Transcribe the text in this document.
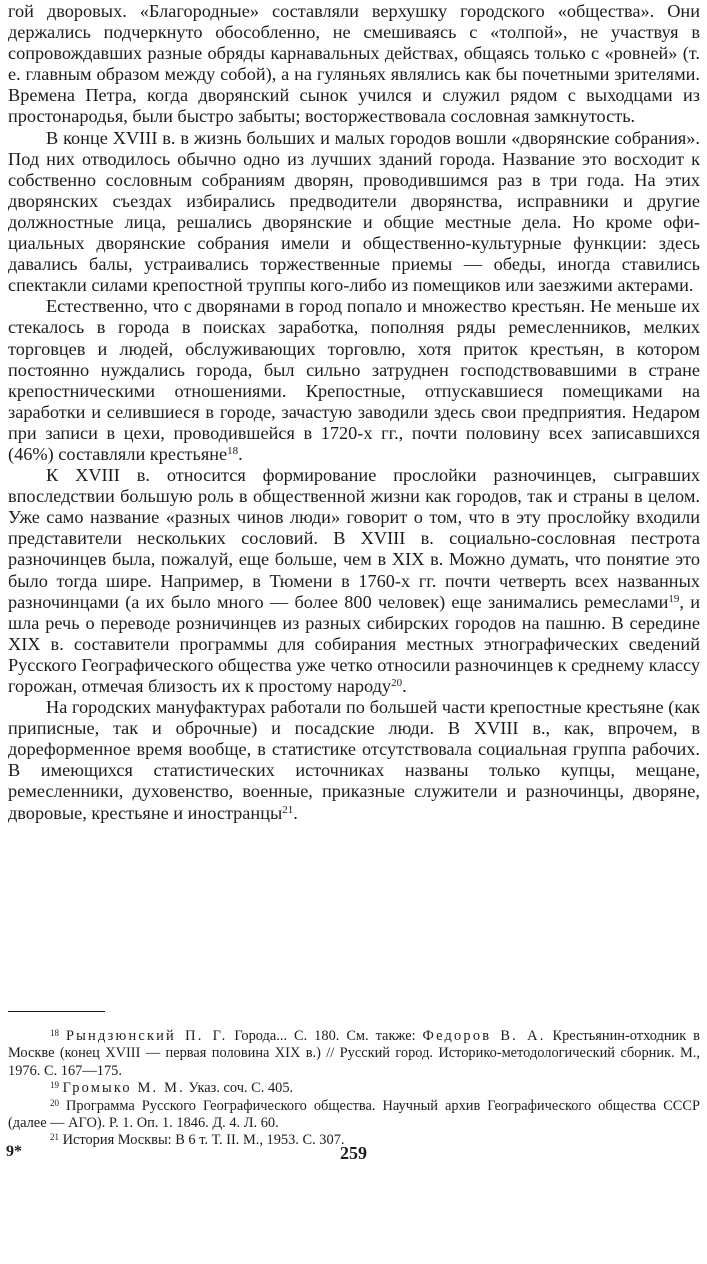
гой дворовых. «Благородные» составляли верхушку городского «общества». Они держались подчеркнуто обособленно, не смешиваясь с «толпой», не участвуя в сопровождавших разные обряды карнавальных действах, общаясь только с «ровней» (т. е. главным образом между собой), а на гуляньях являлись как бы почетными зрителями. Времена Петра, когда дворянский сынок учился и служил рядом с выходцами из простонародья, были быстро забыты; восторжествовала сословная замкнутость.

В конце XVIII в. в жизнь больших и малых городов вошли «дворянские собрания». Под них отводилось обычно одно из лучших зданий города. Название это восходит к собственно сословным собраниям дворян, проводившимся раз в три года. На этих дворянских съездах избирались предводители дворянства, исправники и другие должностные лица, решались дворянские и общие местные дела. Но кроме официальных дворянские собрания имели и общественно-культурные функции: здесь давались балы, устраивались торжественные приемы — обеды, иногда ставились спектакли силами крепостной труппы кого-либо из помещиков или заезжими актерами.

Естественно, что с дворянами в город попало и множество крестьян. Не меньше их стекалось в города в поисках заработка, пополняя ряды ремесленников, мелких торговцев и людей, обслуживающих торговлю, хотя приток крестьян, в котором постоянно нуждались города, был сильно затруднен господствовавшими в стране крепостническими отношениями. Крепостные, отпускавшиеся помещиками на заработки и селившиеся в городе, зачастую заводили здесь свои предприятия. Недаром при записи в цехи, проводившейся в 1720-х гг., почти половину всех записавшихся (46%) составляли крестьяне$^{18}$.

К XVIII в. относится формирование прослойки разночинцев, сыгравших впоследствии большую роль в общественной жизни как городов, так и страны в целом. Уже само название «разных чинов люди» говорит о том, что в эту прослойку входили представители нескольких сословий. В XVIII в. социально-сословная пестрота разночинцев была, пожалуй, еще больше, чем в XIX в. Можно думать, что понятие это было тогда шире. Например, в Тюмени в 1760-х гг. почти четверть всех названных разночинцами (а их было много — более 800 человек) еще занимались ремеслами$^{19}$, и шла речь о переводе розничинцев из разных сибирских городов на пашню. В середине XIX в. составители программы для собирания местных этнографических сведений Русского Географического общества уже четко относили разночинцев к среднему классу горожан, отмечая близость их к простому народу$^{20}$.

На городских мануфактурах работали по большей части крепостные крестьяне (как приписные, так и оброчные) и посадские люди. В XVIII в., как, впрочем, в дореформенное время вообще, в статистике отсутствовала социальная группа рабочих. В имеющихся статистических источниках названы только купцы, мещане, ремесленники, духовенство, военные, приказные служители и разночинцы, дворяне, дворовые, крестьяне и иностранцы$^{21}$.

$^{18}$ Рындзюнский П. Г. Города... С. 180. См. также: Федоров В. А. Крестьянин-отходник в Москве (конец XVIII — первая половина XIX в.) // Русский город. Историко-методологический сборник. М., 1976. С. 167—175.

$^{19}$ Громыко М. М. Указ. соч. С. 405.

$^{20}$ Программа Русского Географического общества. Научный архив Географического общества СССР (далее — АГО). Р. 1. Оп. 1. 1846. Д. 4. Л. 60.

$^{21}$ История Москвы: В 6 т. Т. II. М., 1953. С. 307.

259
9*
